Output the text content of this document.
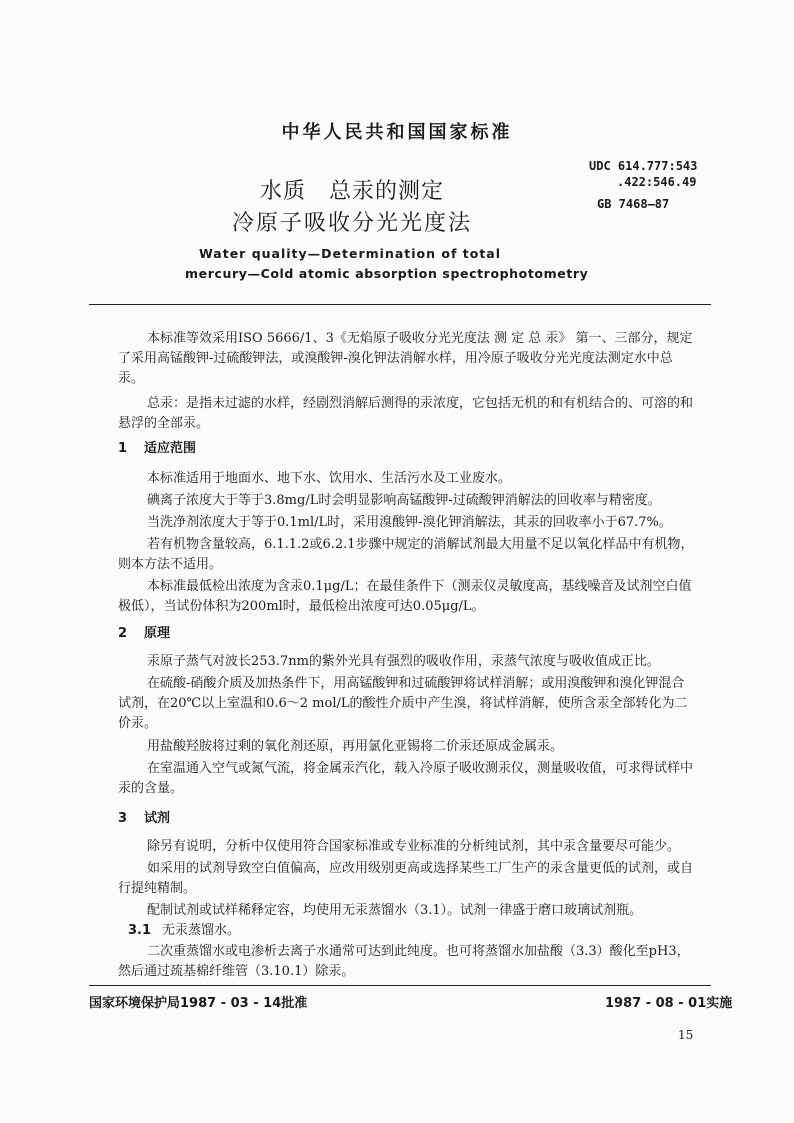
中华人民共和国国家标准
UDC 614.777:543
.422:546.49
GB 7468—87
水质　总汞的测定
冷原子吸收分光光度法
Water quality—Determination of total
mercury—Cold atomic absorption spectrophotometry
本标准等效采用ISO 5666/1、3《无焰原子吸收分光光度法 测 定 总 汞》 第一、三部分，规定
了采用高锰酸钾-过硫酸钾法，或溴酸钾-溴化钾法消解水样，用冷原子吸收分光光度法测定水中总
汞。
总汞：是指未过滤的水样，经剧烈消解后测得的汞浓度，它包括无机的和有机结合的、可溶的和
悬浮的全部汞。
1 适应范围
本标准适用于地面水、地下水、饮用水、生活污水及工业废水。
碘离子浓度大于等于3.8mg/L时会明显影响高锰酸钾-过硫酸钾消解法的回收率与精密度。
当洗净剂浓度大于等于0.1ml/L时，采用溴酸钾-溴化钾消解法，其汞的回收率小于67.7%。
若有机物含量较高，6.1.1.2或6.2.1步骤中规定的消解试剂最大用量不足以氧化样品中有机物，
则本方法不适用。
本标准最低检出浓度为含汞0.1μg/L；在最佳条件下（测汞仪灵敏度高，基线噪音及试剂空白值
极低），当试份体积为200ml时，最低检出浓度可达0.05μg/L。
2 原理
汞原子蒸气对波长253.7nm的紫外光具有强烈的吸收作用，汞蒸气浓度与吸收值成正比。
在硫酸-硝酸介质及加热条件下，用高锰酸钾和过硫酸钾将试样消解；或用溴酸钾和溴化钾混合
试剂，在20℃以上室温和0.6～2 mol/L的酸性介质中产生溴，将试样消解，使所含汞全部转化为二
价汞。
用盐酸羟胺将过剩的氧化剂还原，再用氯化亚锡将二价汞还原成金属汞。
在室温通入空气或氮气流，将金属汞汽化，载入冷原子吸收测汞仪，测量吸收值，可求得试样中
汞的含量。
3 试剂
除另有说明，分析中仅使用符合国家标准或专业标准的分析纯试剂，其中汞含量要尽可能少。
如采用的试剂导致空白值偏高，应改用级别更高或选择某些工厂生产的汞含量更低的试剂，或自
行提纯精制。
配制试剂或试样稀释定容，均使用无汞蒸馏水（3.1）。试剂一律盛于磨口玻璃试剂瓶。
3.1 无汞蒸馏水。
二次重蒸馏水或电渗析去离子水通常可达到此纯度。也可将蒸馏水加盐酸（3.3）酸化至pH3，
然后通过巯基棉纤维管（3.10.1）除汞。
国家环境保护局1987 - 03 - 14批准	1987 - 08 - 01实施
15
